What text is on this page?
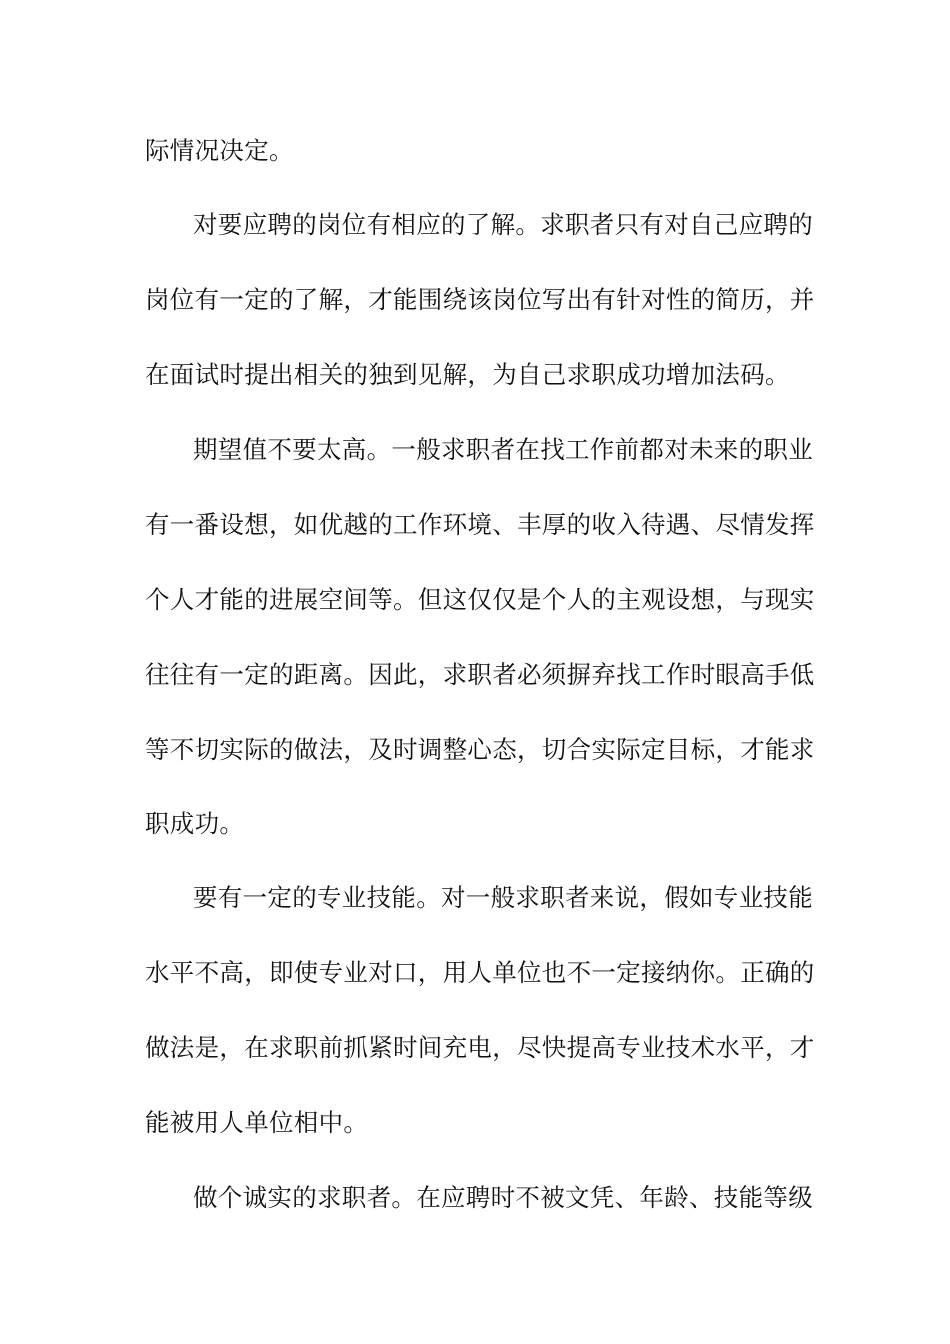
际情况决定。
对要应聘的岗位有相应的了解。求职者只有对自己应聘的
岗位有一定的了解，才能围绕该岗位写出有针对性的简历，并
在面试时提出相关的独到见解，为自己求职成功增加法码。
期望值不要太高。一般求职者在找工作前都对未来的职业
有一番设想，如优越的工作环境、丰厚的收入待遇、尽情发挥
个人才能的进展空间等。但这仅仅是个人的主观设想，与现实
往往有一定的距离。因此，求职者必须摒弃找工作时眼高手低
等不切实际的做法，及时调整心态，切合实际定目标，才能求
职成功。
要有一定的专业技能。对一般求职者来说，假如专业技能
水平不高，即使专业对口，用人单位也不一定接纳你。正确的
做法是，在求职前抓紧时间充电，尽快提高专业技术水平，才
能被用人单位相中。
做个诚实的求职者。在应聘时不被文凭、年龄、技能等级
